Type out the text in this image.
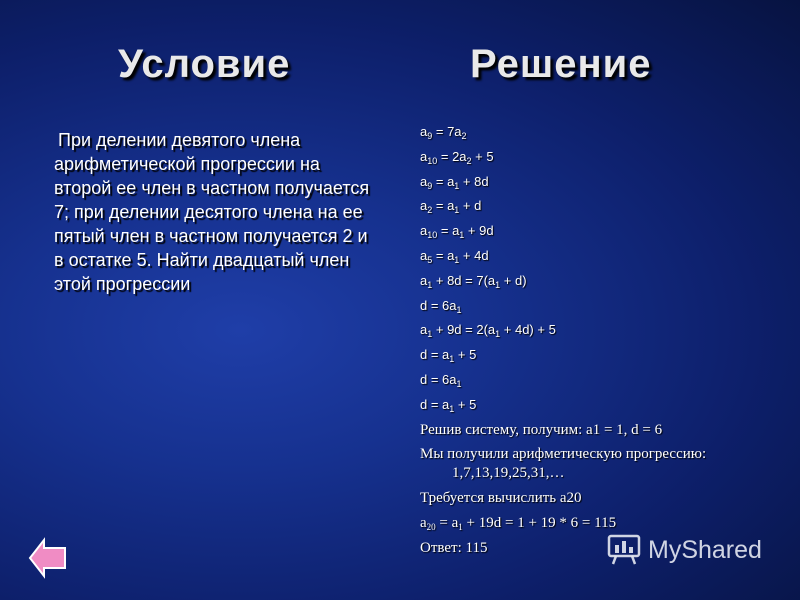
Условие	Решение
При делении девятого члена арифметической прогрессии на второй ее член в частном получается 7; при делении десятого члена на ее пятый член в частном получается 2 и в остатке 5. Найти двадцатый член этой прогрессии
$a_9 = 7a_2$
$a_{10} = 2a_2 + 5$
$a_9 = a_1 + 8d$
$a_2 = a_1 + d$
$a_{10} = a_1 + 9d$
$a_5 = a_1 + 4d$
$a_1 + 8d = 7(a_1 + d)$
$d = 6a_1$
$a_1 + 9d = 2(a_1 + 4d) + 5$
$d = a_1 + 5$
$d = 6a_1$
$d = a_1 + 5$
Решив систему, получим: a1 = 1, d = 6
Мы получили арифметическую прогрессию:
1,7,13,19,25,31,…
Требуется вычислить a20
$a_{20} = a_1 + 19d = 1 + 19 * 6 = 115$
Ответ: 115	MyShared
